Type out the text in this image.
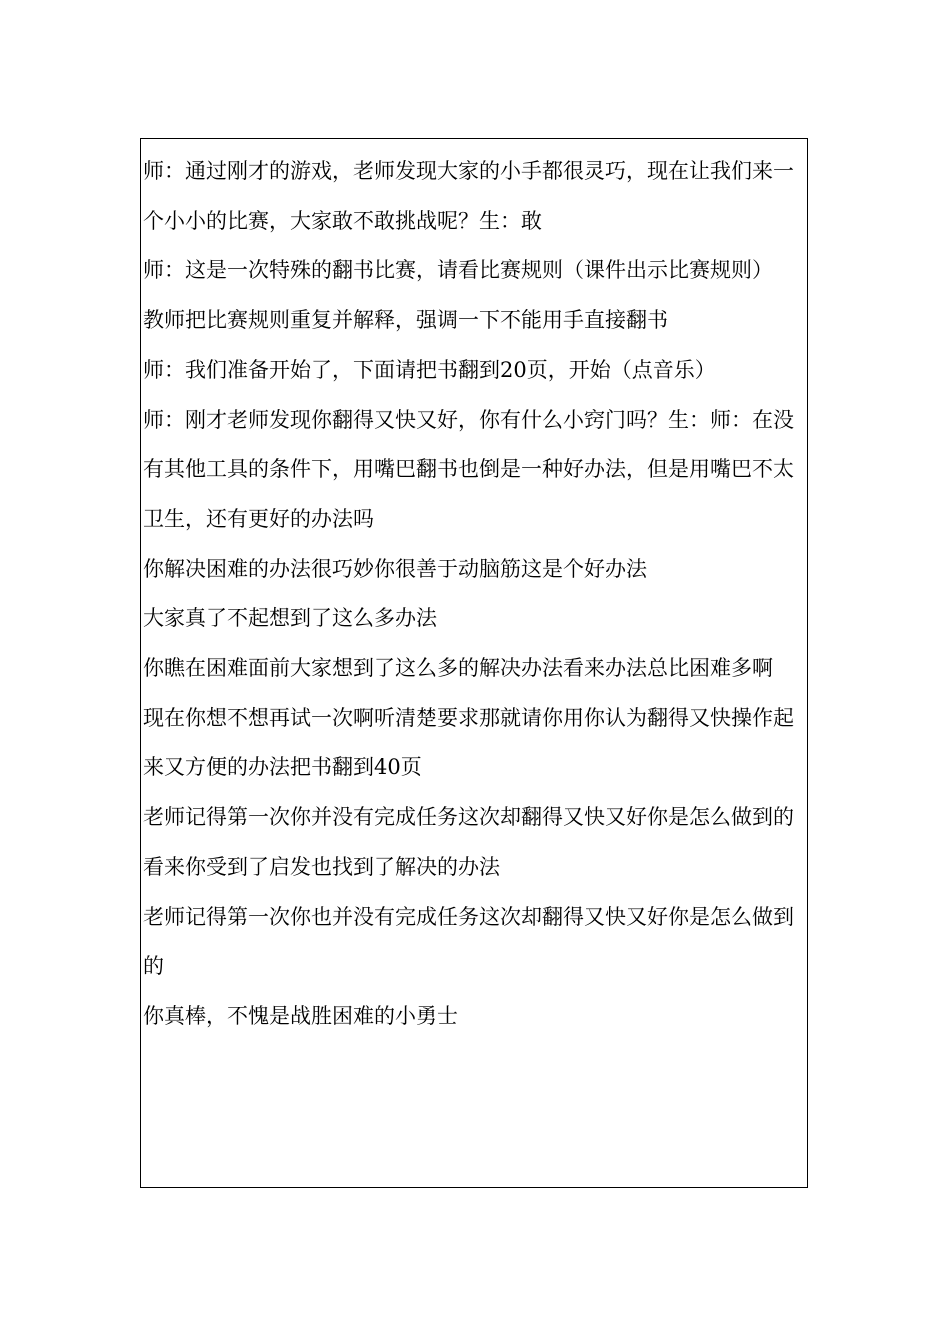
师：通过刚才的游戏，老师发现大家的小手都很灵巧，现在让我们来一个小小的比赛，大家敢不敢挑战呢？生：敢

师：这是一次特殊的翻书比赛，请看比赛规则（课件出示比赛规则）

教师把比赛规则重复并解释，强调一下不能用手直接翻书

师：我们准备开始了，下面请把书翻到20页，开始（点音乐）

师：刚才老师发现你翻得又快又好，你有什么小窍门吗？生：师：在没有其他工具的条件下，用嘴巴翻书也倒是一种好办法，但是用嘴巴不太卫生，还有更好的办法吗

你解决困难的办法很巧妙你很善于动脑筋这是个好办法

大家真了不起想到了这么多办法

你瞧在困难面前大家想到了这么多的解决办法看来办法总比困难多啊

现在你想不想再试一次啊听清楚要求那就请你用你认为翻得又快操作起来又方便的办法把书翻到40页

老师记得第一次你并没有完成任务这次却翻得又快又好你是怎么做到的

看来你受到了启发也找到了解决的办法

老师记得第一次你也并没有完成任务这次却翻得又快又好你是怎么做到的

你真棒，不愧是战胜困难的小勇士
